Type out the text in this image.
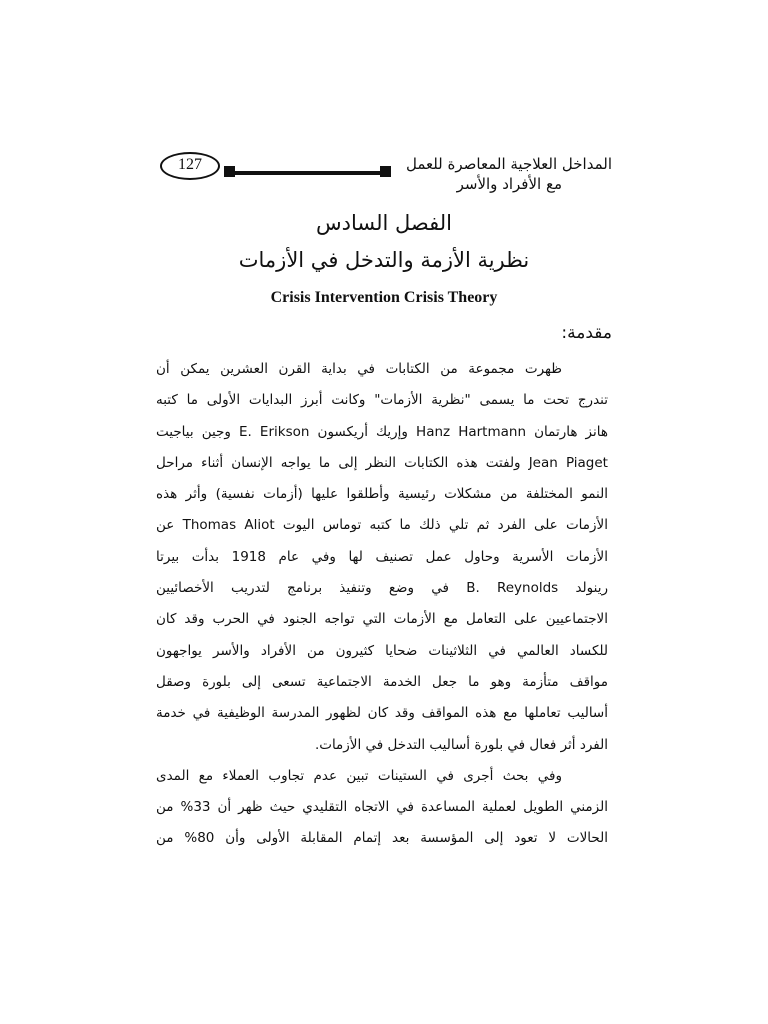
127	المداخل العلاجية المعاصرة للعمل
مع الأفراد والأسر
الفصل السادس
نظرية الأزمة والتدخل في الأزمات
Crisis Intervention Crisis Theory
مقدمة:
ظهرت مجموعة من الكتابات في بداية القرن العشرين يمكن أن
تندرج تحت ما يسمى "نظرية الأزمات" وكانت أبرز البدايات الأولى ما كتبه
هانز هارتمان Hanz Hartmann وإريك أريكسون E. Erikson وجين بياجيت
Jean Piaget ولفتت هذه الكتابات النظر إلى ما يواجه الإنسان أثناء مراحل
النمو المختلفة من مشكلات رئيسية وأطلقوا عليها (أزمات نفسية) وأثر هذه
الأزمات على الفرد ثم تلي ذلك ما كتبه توماس اليوت Thomas Aliot عن
الأزمات الأسرية وحاول عمل تصنيف لها وفي عام 1918 بدأت بيرتا
رينولد B. Reynolds في وضع وتنفيذ برنامج لتدريب الأخصائيين
الاجتماعيين على التعامل مع الأزمات التي تواجه الجنود في الحرب وقد كان
للكساد العالمي في الثلاثينات ضحايا كثيرون من الأفراد والأسر يواجهون
مواقف متأزمة وهو ما جعل الخدمة الاجتماعية تسعى إلى بلورة وصقل
أساليب تعاملها مع هذه المواقف وقد كان لظهور المدرسة الوظيفية في خدمة
الفرد أثر فعال في بلورة أساليب التدخل في الأزمات.
وفي بحث أجرى في الستينات تبين عدم تجاوب العملاء مع المدى
الزمني الطويل لعملية المساعدة في الاتجاه التقليدي حيث ظهر أن 33% من
الحالات لا تعود إلى المؤسسة بعد إتمام المقابلة الأولى وأن 80% من
